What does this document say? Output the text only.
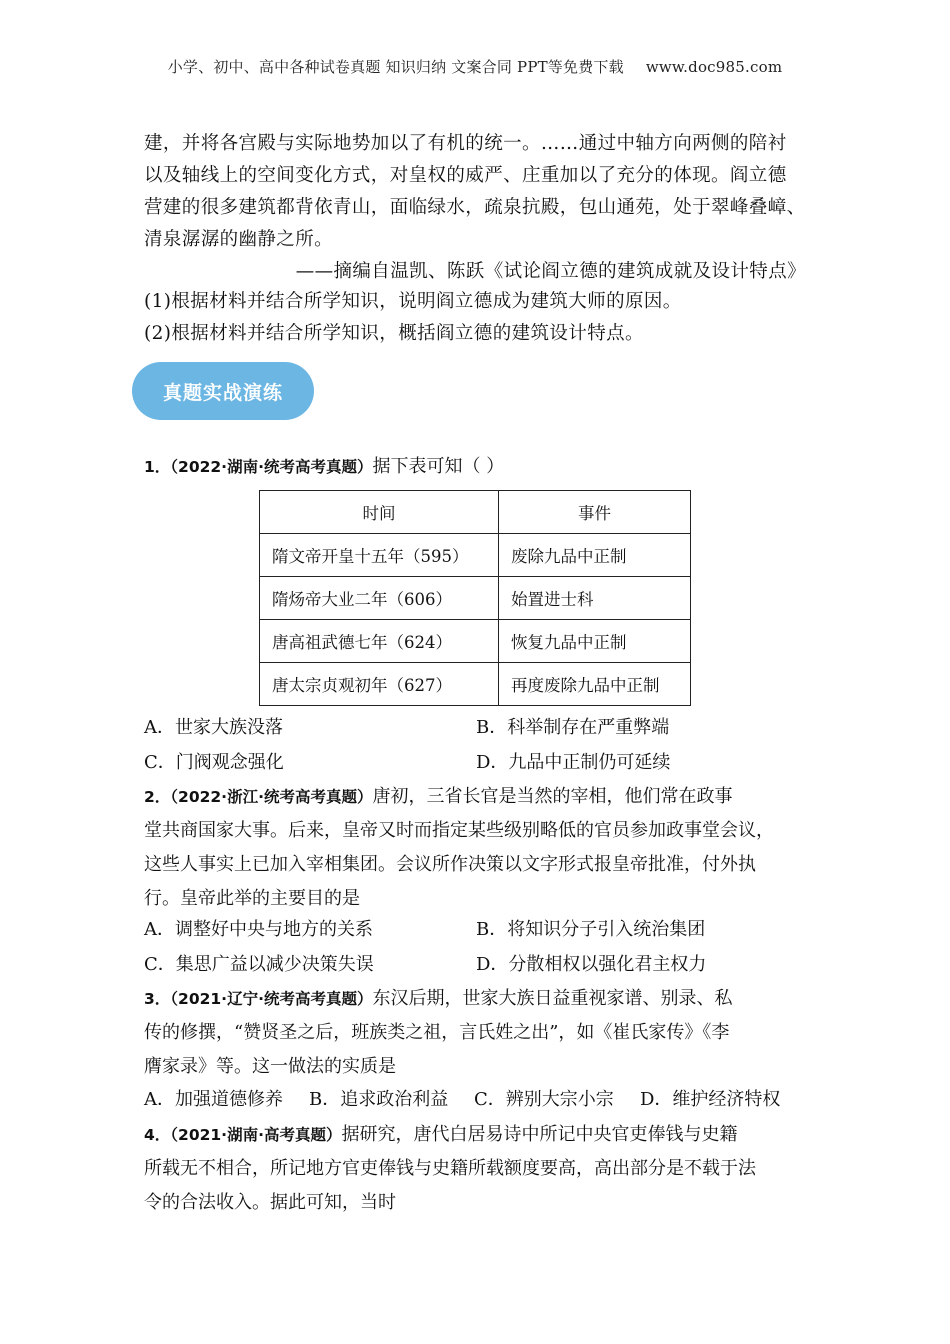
小学、初中、高中各种试卷真题 知识归纳 文案合同 PPT等免费下载 www.doc985.com

建，并将各宫殿与实际地势加以了有机的统一。……通过中轴方向两侧的陪衬

以及轴线上的空间变化方式，对皇权的威严、庄重加以了充分的体现。阎立德

营建的很多建筑都背依青山，面临绿水，疏泉抗殿，包山通苑，处于翠峰叠嶂、

清泉潺潺的幽静之所。

——摘编自温凯、陈跃《试论阎立德的建筑成就及设计特点》

(1)根据材料并结合所学知识，说明阎立德成为建筑大师的原因。

(2)根据材料并结合所学知识，概括阎立德的建筑设计特点。

真题实战演练

1．（2022·湖南·统考高考真题）据下表可知（ ）

时间	事件
隋文帝开皇十五年（595）	废除九品中正制
隋炀帝大业二年（606）	始置进士科
唐高祖武德七年（624）	恢复九品中正制
唐太宗贞观初年（627）	再度废除九品中正制
A．世家大族没落	B．科举制存在严重弊端
C．门阀观念强化	D．九品中正制仍可延续

2．（2022·浙江·统考高考真题）唐初，三省长官是当然的宰相，他们常在政事

堂共商国家大事。后来，皇帝又时而指定某些级别略低的官员参加政事堂会议，

这些人事实上已加入宰相集团。会议所作决策以文字形式报皇帝批准，付外执

行。皇帝此举的主要目的是

A．调整好中央与地方的关系	B．将知识分子引入统治集团
C．集思广益以减少决策失误	D．分散相权以强化君主权力

3．（2021·辽宁·统考高考真题）东汉后期，世家大族日益重视家谱、别录、私

传的修撰，“赞贤圣之后，班族类之祖，言氏姓之出”，如《崔氏家传》《李

膺家录》等。这一做法的实质是

A．加强道德修养 B．追求政治利益 C．辨别大宗小宗 D．维护经济特权

4．（2021·湖南·高考真题）据研究，唐代白居易诗中所记中央官吏俸钱与史籍

所载无不相合，所记地方官吏俸钱与史籍所载额度要高，高出部分是不载于法

令的合法收入。据此可知，当时
